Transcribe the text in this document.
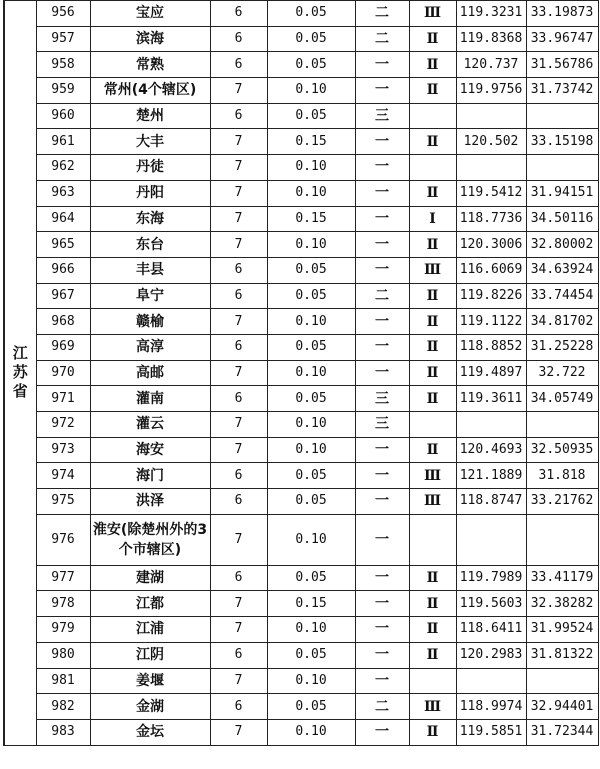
江苏省	956	宝应	6	0.05	二	Ⅲ	119.3231	33.19873
	957	滨海	6	0.05	二	Ⅱ	119.8368	33.96747
	958	常熟	6	0.05	一	Ⅱ	120.737	31.56786
	959	常州(4个辖区)	7	0.10	一	Ⅱ	119.9756	31.73742
	960	楚州	6	0.05	三			
	961	大丰	7	0.15	一	Ⅱ	120.502	33.15198
	962	丹徒	7	0.10	一			
	963	丹阳	7	0.10	一	Ⅱ	119.5412	31.94151
	964	东海	7	0.15	一	Ⅰ	118.7736	34.50116
	965	东台	7	0.10	一	Ⅱ	120.3006	32.80002
	966	丰县	6	0.05	一	Ⅲ	116.6069	34.63924
	967	阜宁	6	0.05	二	Ⅱ	119.8226	33.74454
	968	赣榆	7	0.10	一	Ⅱ	119.1122	34.81702
	969	高淳	6	0.05	一	Ⅱ	118.8852	31.25228
	970	高邮	7	0.10	一	Ⅱ	119.4897	32.722
	971	灌南	6	0.05	三	Ⅱ	119.3611	34.05749
	972	灌云	7	0.10	三			
	973	海安	7	0.10	一	Ⅱ	120.4693	32.50935
	974	海门	6	0.05	一	Ⅲ	121.1889	31.818
	975	洪泽	6	0.05	一	Ⅲ	118.8747	33.21762
	976	淮安(除楚州外的3个市辖区)	7	0.10	一			
	977	建湖	6	0.05	一	Ⅱ	119.7989	33.41179
	978	江都	7	0.15	一	Ⅱ	119.5603	32.38282
	979	江浦	7	0.10	一	Ⅱ	118.6411	31.99524
	980	江阴	6	0.05	一	Ⅱ	120.2983	31.81322
	981	姜堰	7	0.10	一			
	982	金湖	6	0.05	二	Ⅲ	118.9974	32.94401
	983	金坛	7	0.10	一	Ⅱ	119.5851	31.72344
